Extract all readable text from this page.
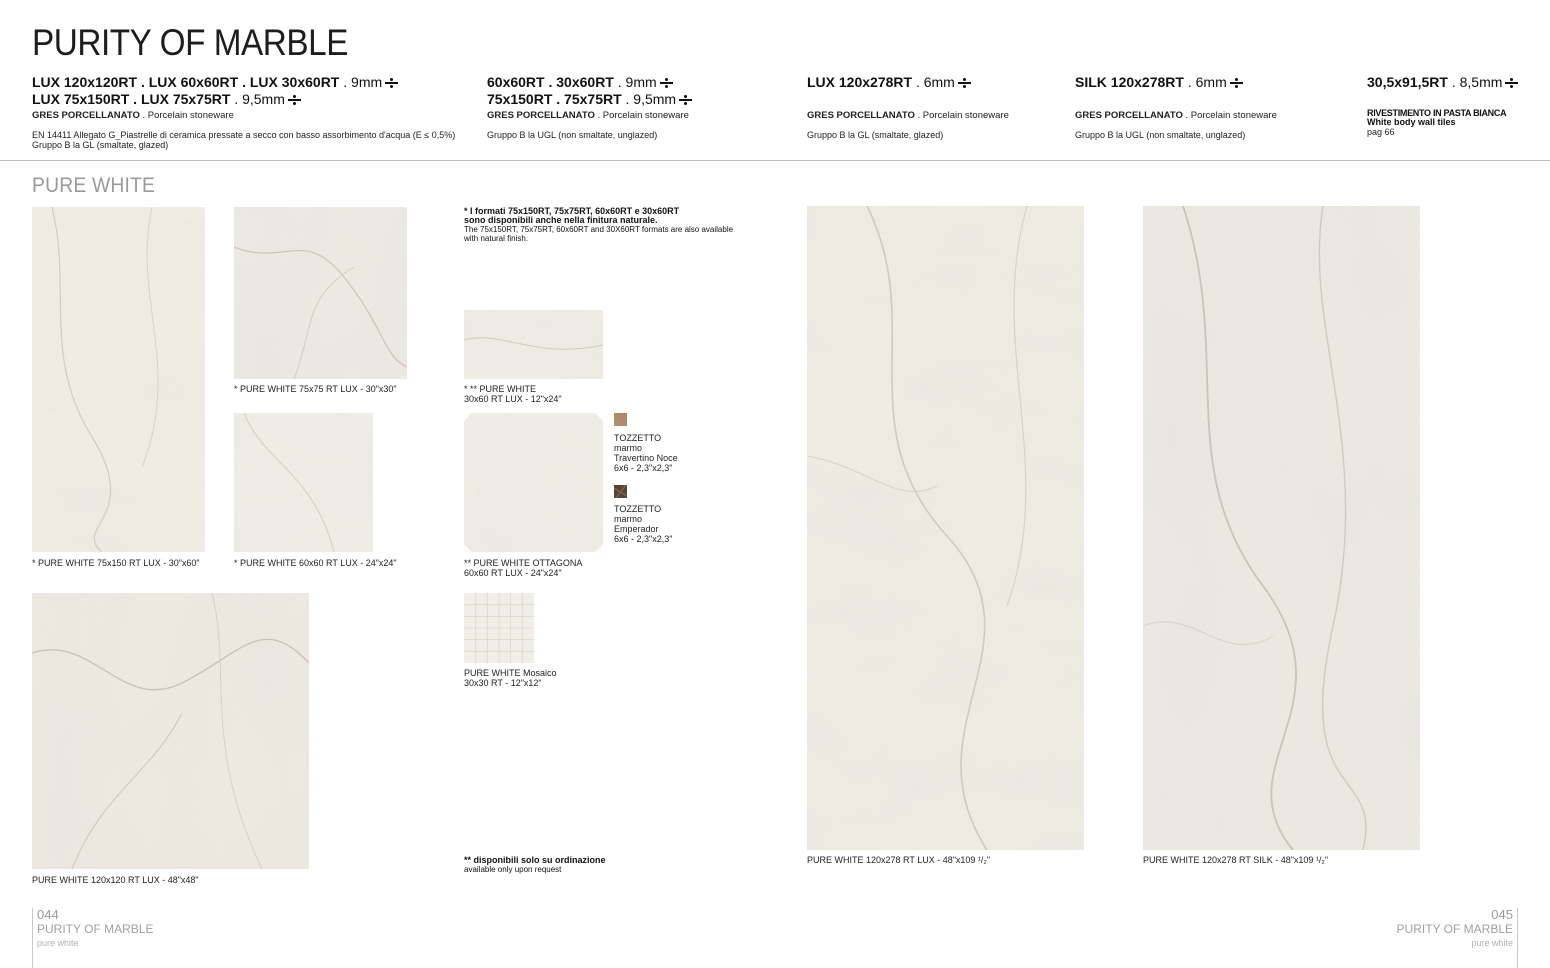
PURITY OF MARBLE
LUX 120x120RT . LUX 60x60RT . LUX 30x60RT . 9mm
LUX 75x150RT . LUX 75x75RT . 9,5mm
GRES PORCELLANATO . Porcelain stoneware
EN 14411 Allegato G_Piastrelle di ceramica pressate a secco con basso assorbimento d'acqua (E ≤ 0,5%)
Gruppo B la GL (smaltate, glazed)
60x60RT . 30x60RT . 9mm
75x150RT . 75x75RT . 9,5mm
GRES PORCELLANATO . Porcelain stoneware
Gruppo B la UGL (non smaltate, unglazed)
LUX 120x278RT . 6mm
GRES PORCELLANATO . Porcelain stoneware
Gruppo B la GL (smaltate, glazed)
SILK 120x278RT . 6mm
GRES PORCELLANATO . Porcelain stoneware
Gruppo B la UGL (non smaltate, unglazed)
30,5x91,5RT . 8,5mm
RIVESTIMENTO IN PASTA BIANCA
White body wall tiles
pag 66
PURE WHITE
* PURE WHITE 75x150 RT LUX - 30"x60"
* PURE WHITE 75x75 RT LUX - 30"x30"
* PURE WHITE 60x60 RT LUX - 24"x24"
PURE WHITE 120x120 RT LUX - 48"x48"
* I formati 75x150RT, 75x75RT, 60x60RT e 30x60RT
sono disponibili anche nella finitura naturale.
The 75x150RT, 75x75RT, 60x60RT and 30X60RT formats are also available
with natural finish.
* ** PURE WHITE
30x60 RT LUX - 12"x24"
** PURE WHITE OTTAGONA
60x60 RT LUX - 24"x24"
TOZZETTO
marmo
Travertino Noce
6x6 - 2,3"x2,3"
TOZZETTO
marmo
Emperador
6x6 - 2,3"x2,3"
PURE WHITE Mosaico
30x30 RT - 12"x12"
** disponibili solo su ordinazione
available only upon request
PURE WHITE 120x278 RT LUX - 48"x109 ¹/₂"	PURE WHITE 120x278 RT SILK - 48"x109 ¹/₂"
044
PURITY OF MARBLE
pure white
045
PURITY OF MARBLE
pure white
